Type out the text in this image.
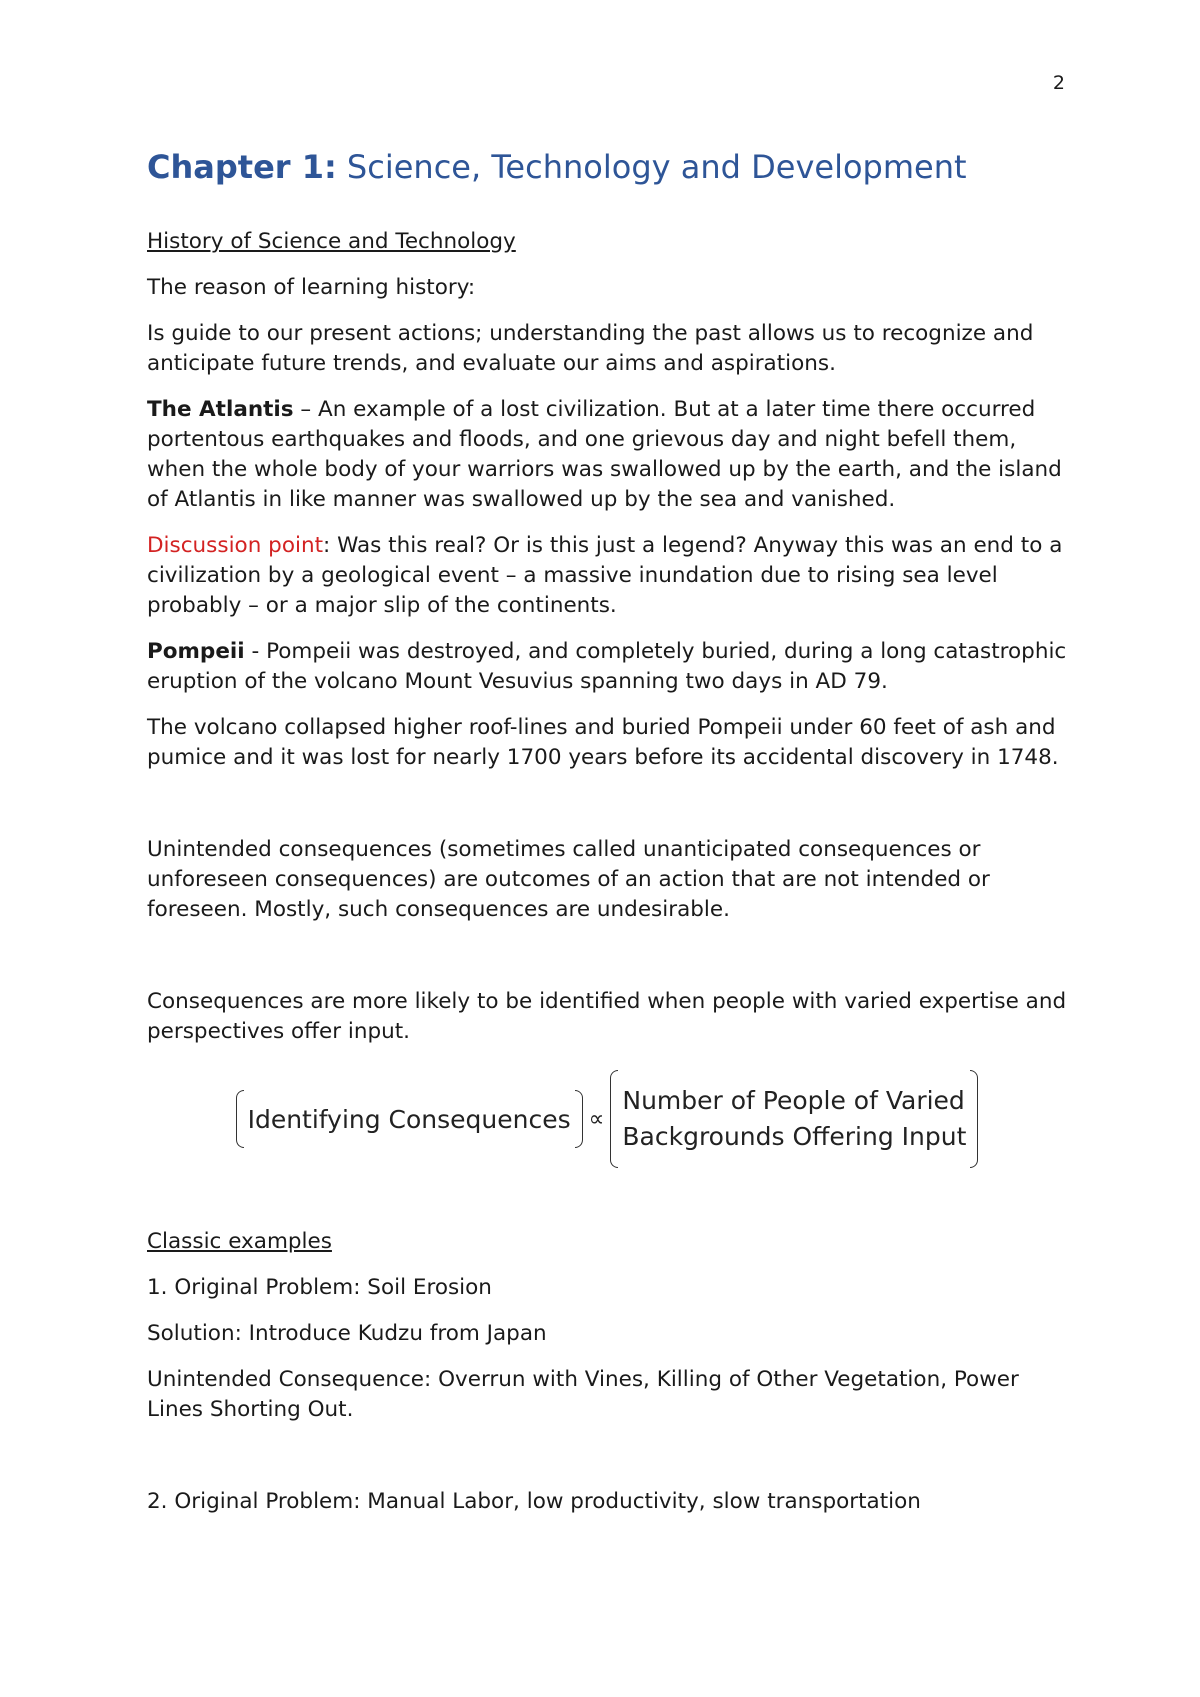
2
Chapter 1: Science, Technology and Development

History of Science and Technology

The reason of learning history:

Is guide to our present actions; understanding the past allows us to recognize and anticipate future trends, and evaluate our aims and aspirations.

The Atlantis – An example of a lost civilization. But at a later time there occurred portentous earthquakes and floods, and one grievous day and night befell them, when the whole body of your warriors was swallowed up by the earth, and the island of Atlantis in like manner was swallowed up by the sea and vanished.

Discussion point: Was this real? Or is this just a legend? Anyway this was an end to a civilization by a geological event – a massive inundation due to rising sea level probably – or a major slip of the continents.

Pompeii - Pompeii was destroyed, and completely buried, during a long catastrophic eruption of the volcano Mount Vesuvius spanning two days in AD 79.

The volcano collapsed higher roof-lines and buried Pompeii under 60 feet of ash and pumice and it was lost for nearly 1700 years before its accidental discovery in 1748.

Unintended consequences (sometimes called unanticipated consequences or unforeseen consequences) are outcomes of an action that are not intended or foreseen. Mostly, such consequences are undesirable.

Consequences are more likely to be identified when people with varied expertise and perspectives offer input.

Identifying Consequences ∝
Number of People of Varied
Backgrounds Offering Input

Classic examples

1. Original Problem: Soil Erosion

Solution: Introduce Kudzu from Japan

Unintended Consequence: Overrun with Vines, Killing of Other Vegetation, Power Lines Shorting Out.

2. Original Problem: Manual Labor, low productivity, slow transportation
